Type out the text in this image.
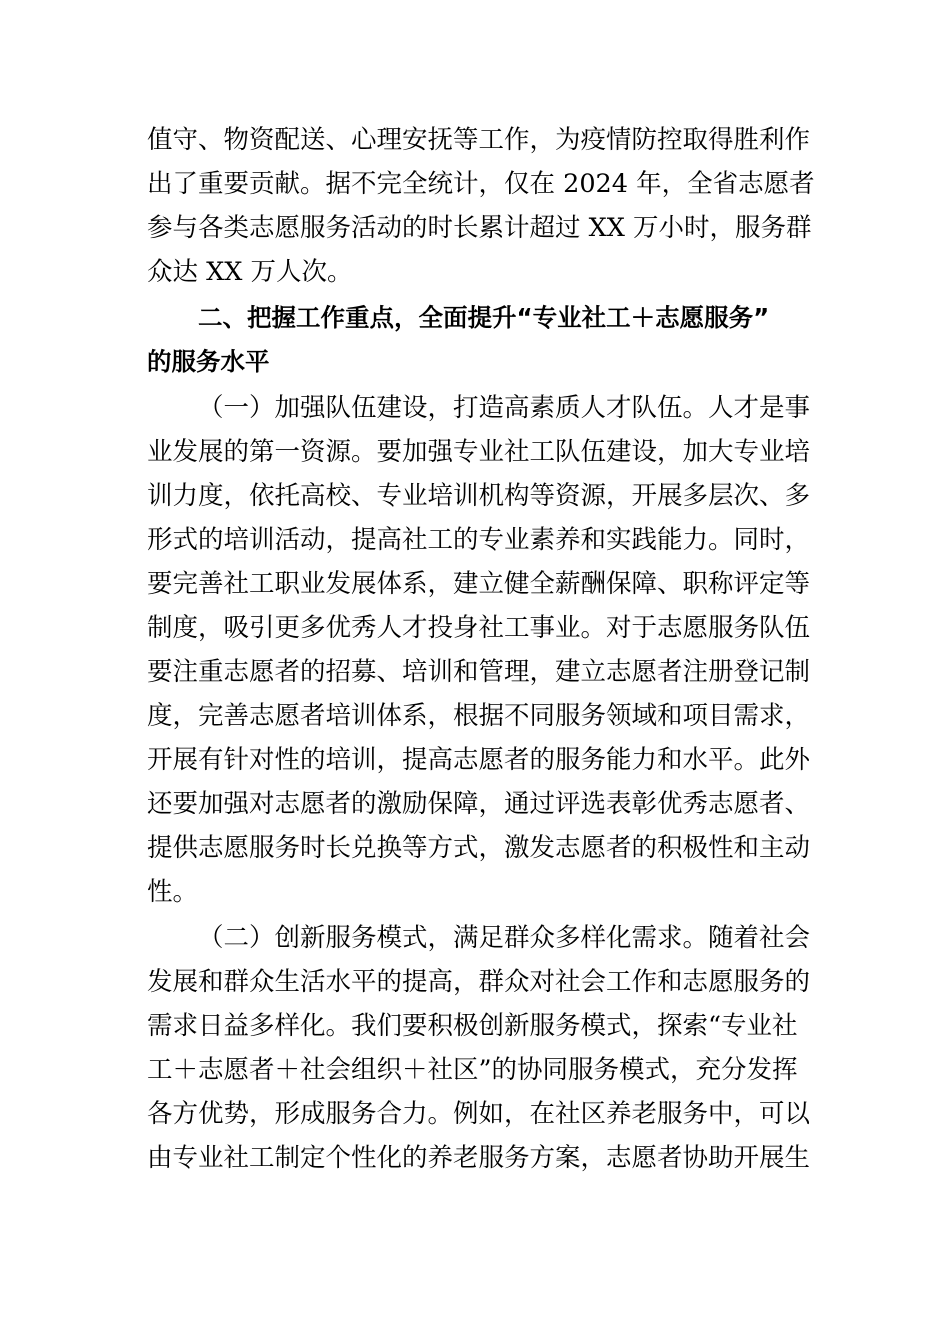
值守、物资配送、心理安抚等工作，为疫情防控取得胜利作
出了重要贡献。据不完全统计，仅在 2024 年，全省志愿者
参与各类志愿服务活动的时长累计超过 XX 万小时，服务群
众达 XX 万人次。
二、把握工作重点，全面提升“专业社工＋志愿服务”
的服务水平
（一）加强队伍建设，打造高素质人才队伍。人才是事
业发展的第一资源。要加强专业社工队伍建设，加大专业培
训力度，依托高校、专业培训机构等资源，开展多层次、多
形式的培训活动，提高社工的专业素养和实践能力。同时，
要完善社工职业发展体系，建立健全薪酬保障、职称评定等
制度，吸引更多优秀人才投身社工事业。对于志愿服务队伍
要注重志愿者的招募、培训和管理，建立志愿者注册登记制
度，完善志愿者培训体系，根据不同服务领域和项目需求，
开展有针对性的培训，提高志愿者的服务能力和水平。此外
还要加强对志愿者的激励保障，通过评选表彰优秀志愿者、
提供志愿服务时长兑换等方式，激发志愿者的积极性和主动
性。
（二）创新服务模式，满足群众多样化需求。随着社会
发展和群众生活水平的提高，群众对社会工作和志愿服务的
需求日益多样化。我们要积极创新服务模式，探索“专业社
工＋志愿者＋社会组织＋社区”的协同服务模式，充分发挥
各方优势，形成服务合力。例如，在社区养老服务中，可以
由专业社工制定个性化的养老服务方案，志愿者协助开展生
